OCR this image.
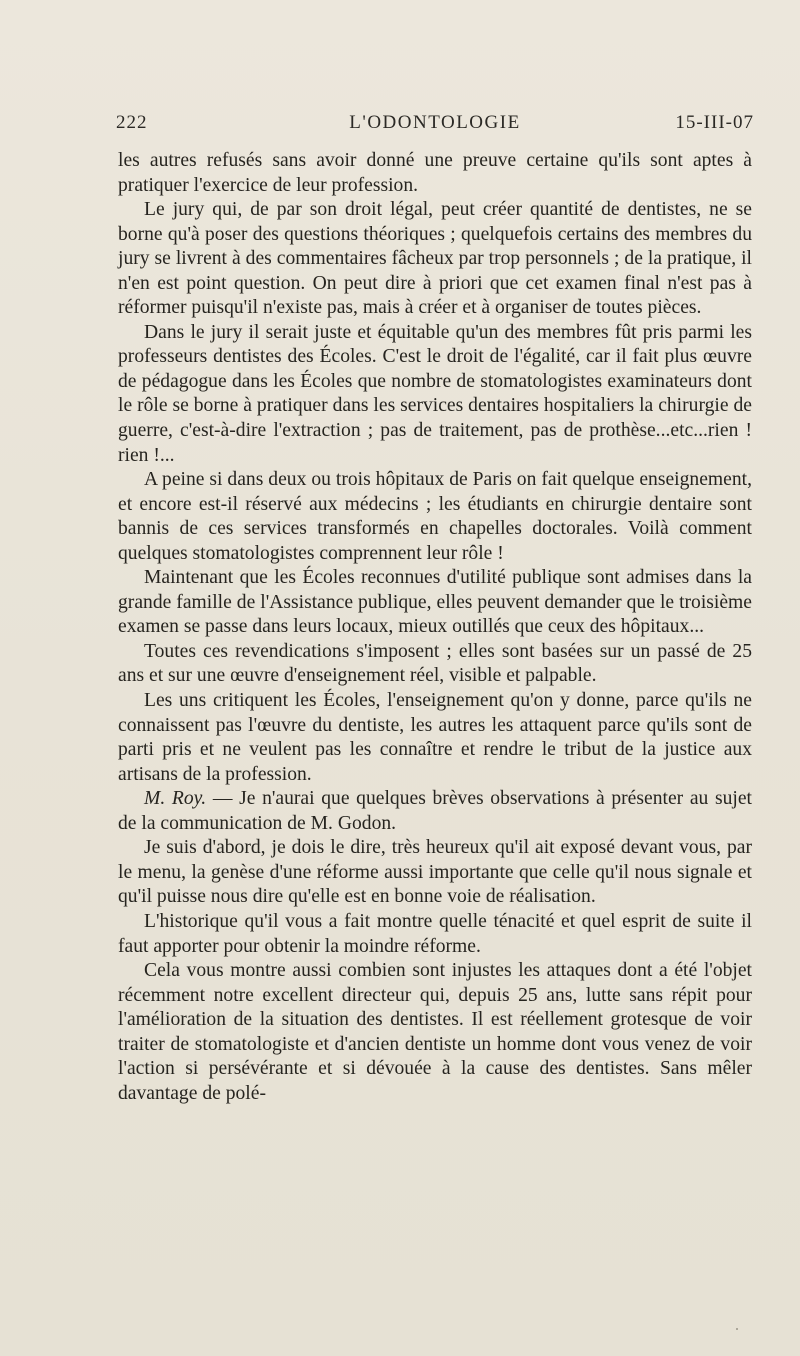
222	L'ODONTOLOGIE	15-III-07

les autres refusés sans avoir donné une preuve certaine qu'ils sont aptes à pratiquer l'exercice de leur profession.

Le jury qui, de par son droit légal, peut créer quantité de dentistes, ne se borne qu'à poser des questions théoriques ; quelquefois certains des membres du jury se livrent à des commentaires fâcheux par trop personnels ; de la pratique, il n'en est point question. On peut dire à priori que cet examen final n'est pas à réformer puisqu'il n'existe pas, mais à créer et à organiser de toutes pièces.

Dans le jury il serait juste et équitable qu'un des membres fût pris parmi les professeurs dentistes des Écoles. C'est le droit de l'égalité, car il fait plus œuvre de pédagogue dans les Écoles que nombre de stomatologistes examinateurs dont le rôle se borne à pratiquer dans les services dentaires hospitaliers la chirurgie de guerre, c'est-à-dire l'extraction ; pas de traitement, pas de prothèse...etc...rien ! rien !...

A peine si dans deux ou trois hôpitaux de Paris on fait quelque enseignement, et encore est-il réservé aux médecins ; les étudiants en chirurgie dentaire sont bannis de ces services transformés en chapelles doctorales. Voilà comment quelques stomatologistes comprennent leur rôle !

Maintenant que les Écoles reconnues d'utilité publique sont admises dans la grande famille de l'Assistance publique, elles peuvent demander que le troisième examen se passe dans leurs locaux, mieux outillés que ceux des hôpitaux...

Toutes ces revendications s'imposent ; elles sont basées sur un passé de 25 ans et sur une œuvre d'enseignement réel, visible et palpable.

Les uns critiquent les Écoles, l'enseignement qu'on y donne, parce qu'ils ne connaissent pas l'œuvre du dentiste, les autres les attaquent parce qu'ils sont de parti pris et ne veulent pas les connaître et rendre le tribut de la justice aux artisans de la profession.

M. Roy. — Je n'aurai que quelques brèves observations à présenter au sujet de la communication de M. Godon.

Je suis d'abord, je dois le dire, très heureux qu'il ait exposé devant vous, par le menu, la genèse d'une réforme aussi importante que celle qu'il nous signale et qu'il puisse nous dire qu'elle est en bonne voie de réalisation.

L'historique qu'il vous a fait montre quelle ténacité et quel esprit de suite il faut apporter pour obtenir la moindre réforme.

Cela vous montre aussi combien sont injustes les attaques dont a été l'objet récemment notre excellent directeur qui, depuis 25 ans, lutte sans répit pour l'amélioration de la situation des dentistes. Il est réellement grotesque de voir traiter de stomatologiste et d'ancien dentiste un homme dont vous venez de voir l'action si persévérante et si dévouée à la cause des dentistes. Sans mêler davantage de polé-
